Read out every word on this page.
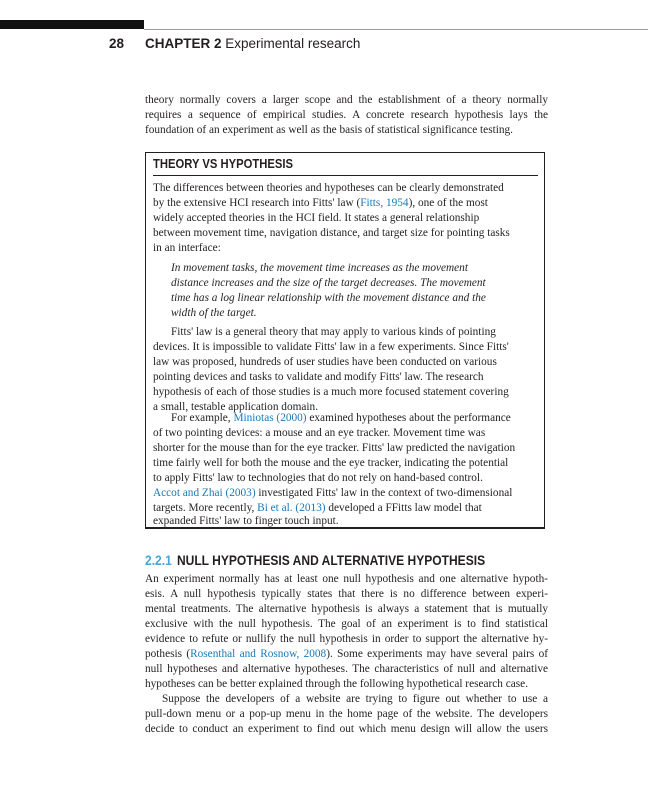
28 CHAPTER 2 Experimental research
theory normally covers a larger scope and the establishment of a theory normally
requires a sequence of empirical studies. A concrete research hypothesis lays the
foundation of an experiment as well as the basis of statistical significance testing.
THEORY VS HYPOTHESIS
The differences between theories and hypotheses can be clearly demonstrated
by the extensive HCI research into Fitts' law (Fitts, 1954), one of the most
widely accepted theories in the HCI field. It states a general relationship
between movement time, navigation distance, and target size for pointing tasks
in an interface:
In movement tasks, the movement time increases as the movement
distance increases and the size of the target decreases. The movement
time has a log linear relationship with the movement distance and the
width of the target.
Fitts' law is a general theory that may apply to various kinds of pointing
devices. It is impossible to validate Fitts' law in a few experiments. Since Fitts'
law was proposed, hundreds of user studies have been conducted on various
pointing devices and tasks to validate and modify Fitts' law. The research
hypothesis of each of those studies is a much more focused statement covering
a small, testable application domain.
For example, Miniotas (2000) examined hypotheses about the performance
of two pointing devices: a mouse and an eye tracker. Movement time was
shorter for the mouse than for the eye tracker. Fitts' law predicted the navigation
time fairly well for both the mouse and the eye tracker, indicating the potential
to apply Fitts' law to technologies that do not rely on hand-based control.
Accot and Zhai (2003) investigated Fitts' law in the context of two-dimensional
targets. More recently, Bi et al. (2013) developed a FFitts law model that
expanded Fitts' law to finger touch input.
2.2.1 NULL HYPOTHESIS AND ALTERNATIVE HYPOTHESIS
An experiment normally has at least one null hypothesis and one alternative hypoth-
esis. A null hypothesis typically states that there is no difference between experi-
mental treatments. The alternative hypothesis is always a statement that is mutually
exclusive with the null hypothesis. The goal of an experiment is to find statistical
evidence to refute or nullify the null hypothesis in order to support the alternative hy-
pothesis (Rosenthal and Rosnow, 2008). Some experiments may have several pairs of
null hypotheses and alternative hypotheses. The characteristics of null and alternative
hypotheses can be better explained through the following hypothetical research case.
Suppose the developers of a website are trying to figure out whether to use a
pull-down menu or a pop-up menu in the home page of the website. The developers
decide to conduct an experiment to find out which menu design will allow the users
